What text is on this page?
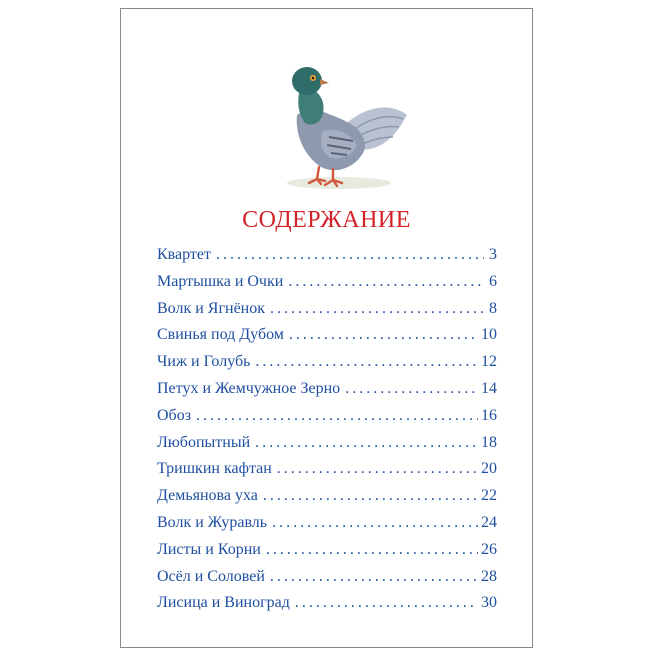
СОДЕРЖАНИЕ
Квартет . . .	3
Мартышка и Очки . . .	6
Волк и Ягнёнок . . .	8
Свинья под Дубом . . .	10
Чиж и Голубь . . .	12
Петух и Жемчужное Зерно . . .	14
Обоз . . .	16
Любопытный . . .	18
Тришкин кафтан . . .	20
Демьянова уха . . .	22
Волк и Журавль . . .	24
Листы и Корни . . .	26
Осёл и Соловей . . .	28
Лисица и Виноград . . .	30
